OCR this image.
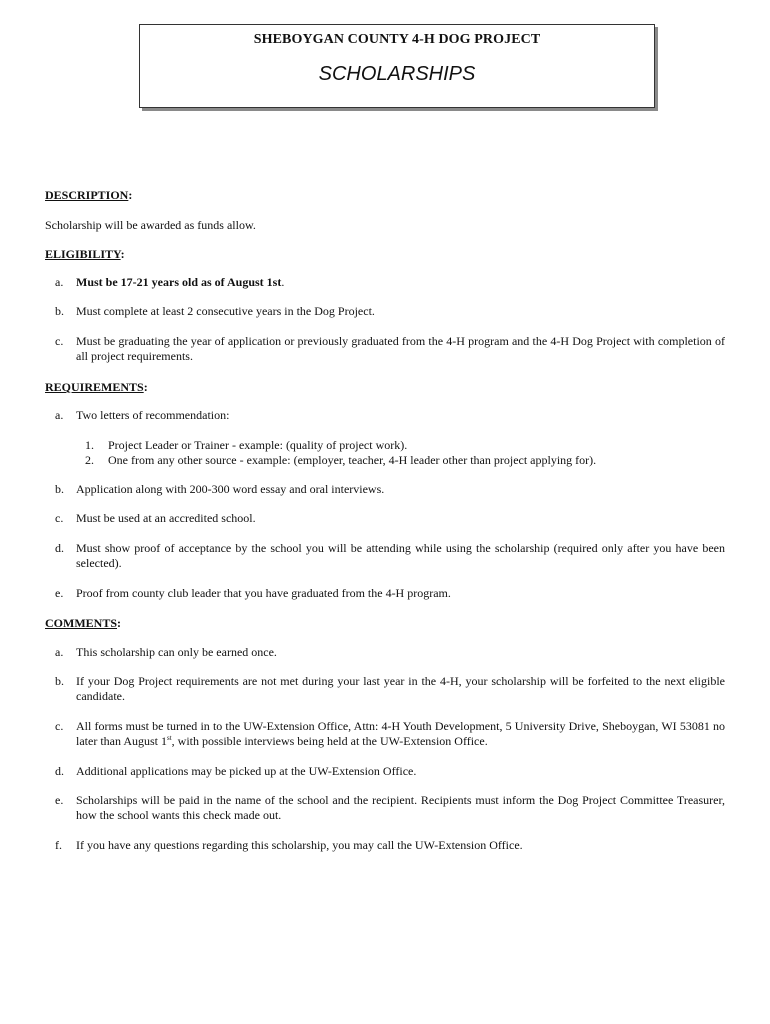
SHEBOYGAN COUNTY 4-H DOG PROJECT
SCHOLARSHIPS

DESCRIPTION:

Scholarship will be awarded as funds allow.

ELIGIBILITY:

a. Must be 17-21 years old as of August 1st.
b. Must complete at least 2 consecutive years in the Dog Project.
c. Must be graduating the year of application or previously graduated from the 4-H program and the 4-H Dog Project with completion of all project requirements.

REQUIREMENTS:

a. Two letters of recommendation:
1. Project Leader or Trainer - example: (quality of project work).
2. One from any other source - example: (employer, teacher, 4-H leader other than project applying for).
b. Application along with 200-300 word essay and oral interviews.
c. Must be used at an accredited school.
d. Must show proof of acceptance by the school you will be attending while using the scholarship (required only after you have been selected).
e. Proof from county club leader that you have graduated from the 4-H program.

COMMENTS:

a. This scholarship can only be earned once.
b. If your Dog Project requirements are not met during your last year in the 4-H, your scholarship will be forfeited to the next eligible candidate.
c. All forms must be turned in to the UW-Extension Office, Attn: 4-H Youth Development, 5 University Drive, Sheboygan, WI 53081 no later than August 1st, with possible interviews being held at the UW-Extension Office.
d. Additional applications may be picked up at the UW-Extension Office.
e. Scholarships will be paid in the name of the school and the recipient. Recipients must inform the Dog Project Committee Treasurer, how the school wants this check made out.
f. If you have any questions regarding this scholarship, you may call the UW-Extension Office.
